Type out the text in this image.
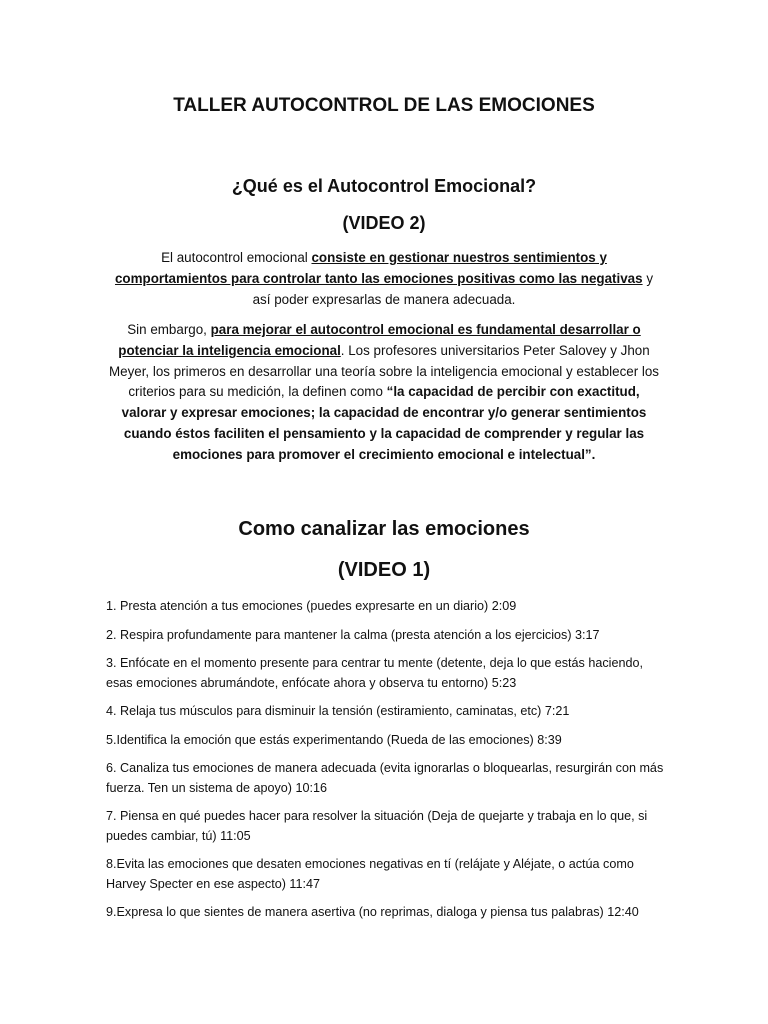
TALLER AUTOCONTROL DE LAS EMOCIONES
¿Qué es el Autocontrol Emocional?
(VIDEO 2)

El autocontrol emocional consiste en gestionar nuestros sentimientos y comportamientos para controlar tanto las emociones positivas como las negativas y así poder expresarlas de manera adecuada.

Sin embargo, para mejorar el autocontrol emocional es fundamental desarrollar o potenciar la inteligencia emocional. Los profesores universitarios Peter Salovey y Jhon Meyer, los primeros en desarrollar una teoría sobre la inteligencia emocional y establecer los criterios para su medición, la definen como “la capacidad de percibir con exactitud, valorar y expresar emociones; la capacidad de encontrar y/o generar sentimientos cuando éstos faciliten el pensamiento y la capacidad de comprender y regular las emociones para promover el crecimiento emocional e intelectual”.

Como canalizar las emociones
(VIDEO 1)
1. Presta atención a tus emociones (puedes expresarte en un diario) 2:09
2. Respira profundamente para mantener la calma (presta atención a los ejercicios) 3:17
3. Enfócate en el momento presente para centrar tu mente (detente, deja lo que estás haciendo, esas emociones abrumándote, enfócate ahora y observa tu entorno) 5:23
4. Relaja tus músculos para disminuir la tensión (estiramiento, caminatas, etc) 7:21
5.Identifica la emoción que estás experimentando (Rueda de las emociones) 8:39
6. Canaliza tus emociones de manera adecuada (evita ignorarlas o bloquearlas, resurgirán con más fuerza. Ten un sistema de apoyo) 10:16
7. Piensa en qué puedes hacer para resolver la situación (Deja de quejarte y trabaja en lo que, si puedes cambiar, tú) 11:05
8.Evita las emociones que desaten emociones negativas en tí (relájate y Aléjate, o actúa como Harvey Specter en ese aspecto) 11:47
9.Expresa lo que sientes de manera asertiva (no reprimas, dialoga y piensa tus palabras) 12:40
